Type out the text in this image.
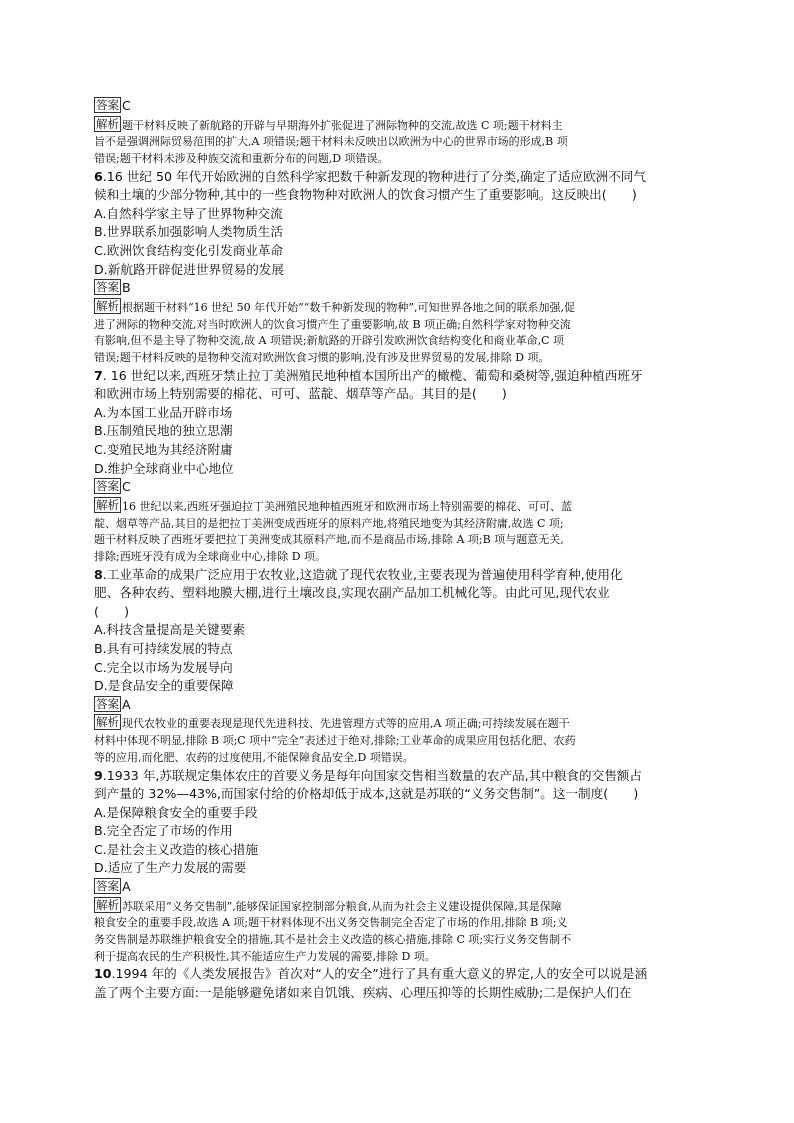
答案 C
解析 题干材料反映了新航路的开辟与早期海外扩张促进了洲际物种的交流,故选 C 项;题干材料主
旨不是强调洲际贸易范围的扩大,A 项错误;题干材料未反映出以欧洲为中心的世界市场的形成,B 项
错误;题干材料未涉及种族交流和重新分布的问题,D 项错误。
6.16 世纪 50 年代开始欧洲的自然科学家把数千种新发现的物种进行了分类,确定了适应欧洲不同气
候和土壤的少部分物种,其中的一些食物物种对欧洲人的饮食习惯产生了重要影响。这反映出(　　)
A.自然科学家主导了世界物种交流
B.世界联系加强影响人类物质生活
C.欧洲饮食结构变化引发商业革命
D.新航路开辟促进世界贸易的发展
答案 B
解析 根据题干材料“16 世纪 50 年代开始”“数千种新发现的物种”,可知世界各地之间的联系加强,促
进了洲际的物种交流,对当时欧洲人的饮食习惯产生了重要影响,故 B 项正确;自然科学家对物种交流
有影响,但不是主导了物种交流,故 A 项错误;新航路的开辟引发欧洲饮食结构变化和商业革命,C 项
错误;题干材料反映的是物种交流对欧洲饮食习惯的影响,没有涉及世界贸易的发展,排除 D 项。
7. 16 世纪以来,西班牙禁止拉丁美洲殖民地种植本国所出产的橄榄、葡萄和桑树等,强迫种植西班牙
和欧洲市场上特别需要的棉花、可可、蓝靛、烟草等产品。其目的是(　　)
A.为本国工业品开辟市场
B.压制殖民地的独立思潮
C.变殖民地为其经济附庸
D.维护全球商业中心地位
答案 C
解析 16 世纪以来,西班牙强迫拉丁美洲殖民地种植西班牙和欧洲市场上特别需要的棉花、可可、蓝
靛、烟草等产品,其目的是把拉丁美洲变成西班牙的原料产地,将殖民地变为其经济附庸,故选 C 项;
题干材料反映了西班牙要把拉丁美洲变成其原料产地,而不是商品市场,排除 A 项;B 项与题意无关,
排除;西班牙没有成为全球商业中心,排除 D 项。
8.工业革命的成果广泛应用于农牧业,这造就了现代农牧业,主要表现为普遍使用科学育种,使用化
肥、各种农药、塑料地膜大棚,进行土壤改良,实现农副产品加工机械化等。由此可见,现代农业
(　　)
A.科技含量提高是关键要素
B.具有可持续发展的特点
C.完全以市场为发展导向
D.是食品安全的重要保障
答案 A
解析 现代农牧业的重要表现是现代先进科技、先进管理方式等的应用,A 项正确;可持续发展在题干
材料中体现不明显,排除 B 项;C 项中“完全”表述过于绝对,排除;工业革命的成果应用包括化肥、农药
等的应用,而化肥、农药的过度使用,不能保障食品安全,D 项错误。
9.1933 年,苏联规定集体农庄的首要义务是每年向国家交售相当数量的农产品,其中粮食的交售额占
到产量的 32%—43%,而国家付给的价格却低于成本,这就是苏联的“义务交售制”。这一制度(　　)
A.是保障粮食安全的重要手段
B.完全否定了市场的作用
C.是社会主义改造的核心措施
D.适应了生产力发展的需要
答案 A
解析 苏联采用“义务交售制”,能够保证国家控制部分粮食,从而为社会主义建设提供保障,其是保障
粮食安全的重要手段,故选 A 项;题干材料体现不出义务交售制完全否定了市场的作用,排除 B 项;义
务交售制是苏联维护粮食安全的措施,其不是社会主义改造的核心措施,排除 C 项;实行义务交售制不
利于提高农民的生产积极性,其不能适应生产力发展的需要,排除 D 项。
10.1994 年的《人类发展报告》首次对“人的安全”进行了具有重大意义的界定,人的安全可以说是涵
盖了两个主要方面:一是能够避免诸如来自饥饿、疾病、心理压抑等的长期性威胁;二是保护人们在
